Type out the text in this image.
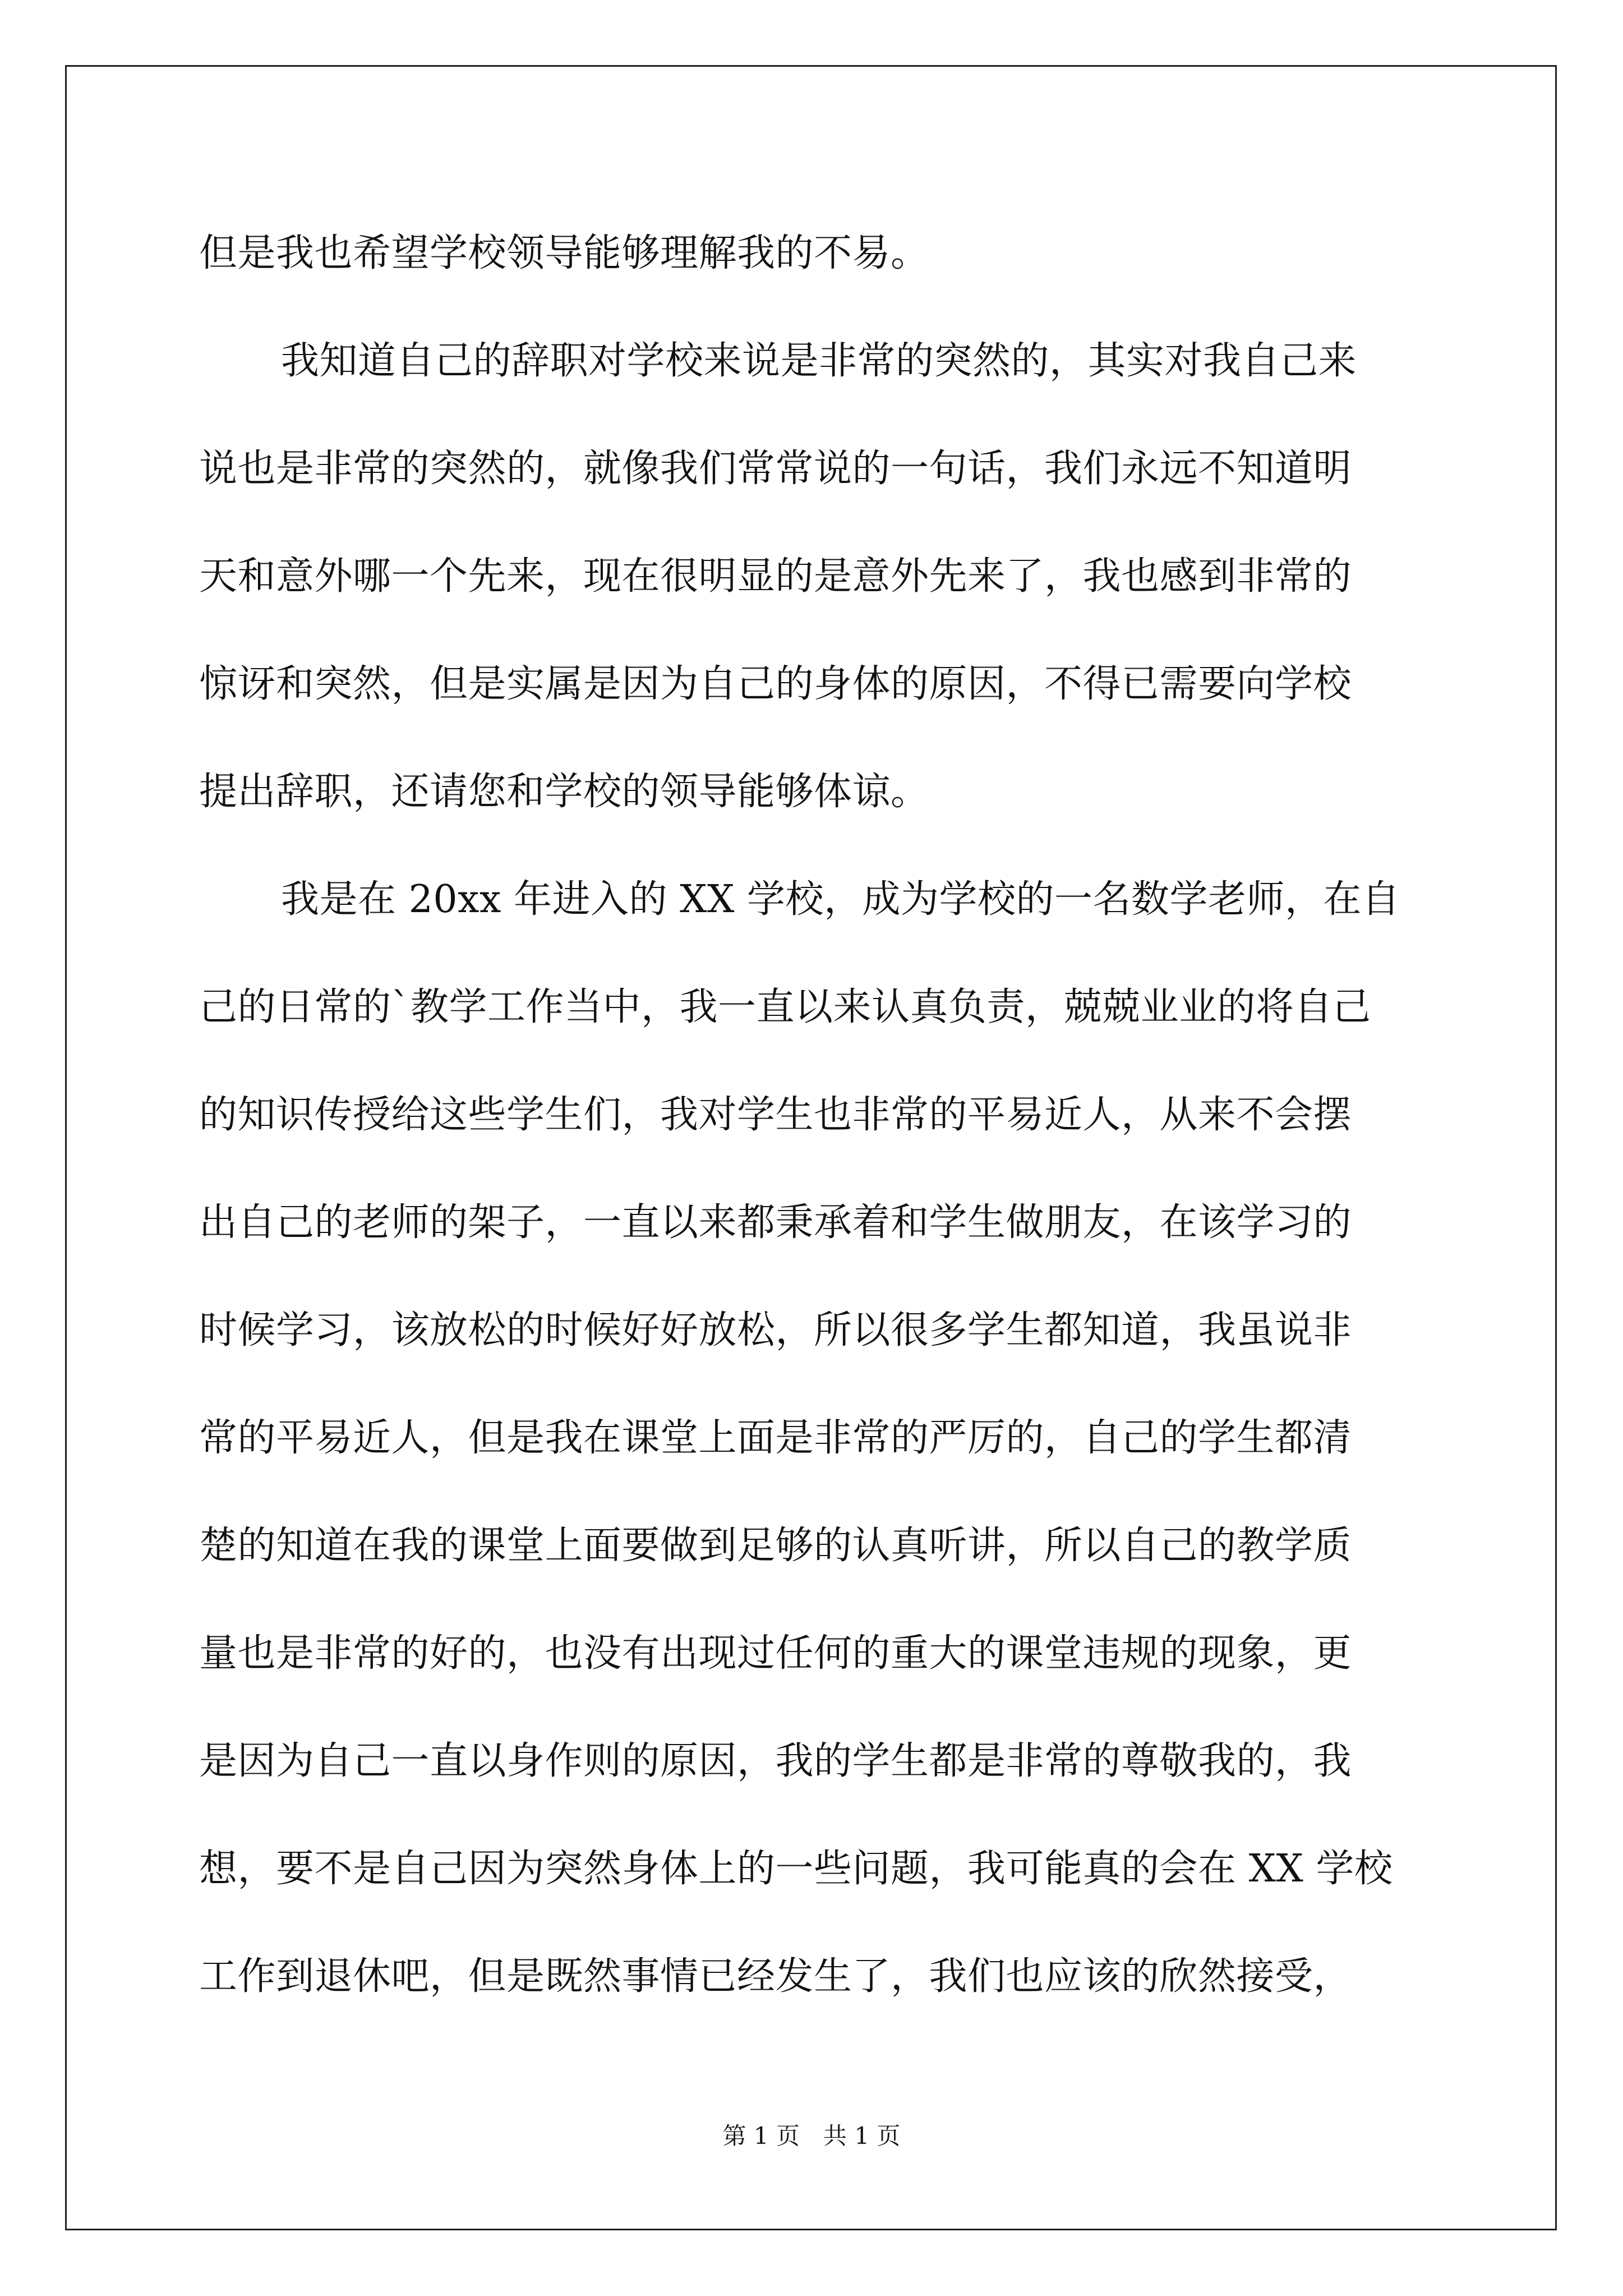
但是我也希望学校领导能够理解我的不易。
我知道自己的辞职对学校来说是非常的突然的，其实对我自己来
说也是非常的突然的，就像我们常常说的一句话，我们永远不知道明
天和意外哪一个先来，现在很明显的是意外先来了，我也感到非常的
惊讶和突然，但是实属是因为自己的身体的原因，不得已需要向学校
提出辞职，还请您和学校的领导能够体谅。
我是在 20xx 年进入的 XX 学校，成为学校的一名数学老师，在自
己的日常的`教学工作当中，我一直以来认真负责，兢兢业业的将自己
的知识传授给这些学生们，我对学生也非常的平易近人，从来不会摆
出自己的老师的架子，一直以来都秉承着和学生做朋友，在该学习的
时候学习，该放松的时候好好放松，所以很多学生都知道，我虽说非
常的平易近人，但是我在课堂上面是非常的严厉的，自己的学生都清
楚的知道在我的课堂上面要做到足够的认真听讲，所以自己的教学质
量也是非常的好的，也没有出现过任何的重大的课堂违规的现象，更
是因为自己一直以身作则的原因，我的学生都是非常的尊敬我的，我
想，要不是自己因为突然身体上的一些问题，我可能真的会在 XX 学校
工作到退休吧，但是既然事情已经发生了，我们也应该的欣然接受，
第 1 页　共 1 页
